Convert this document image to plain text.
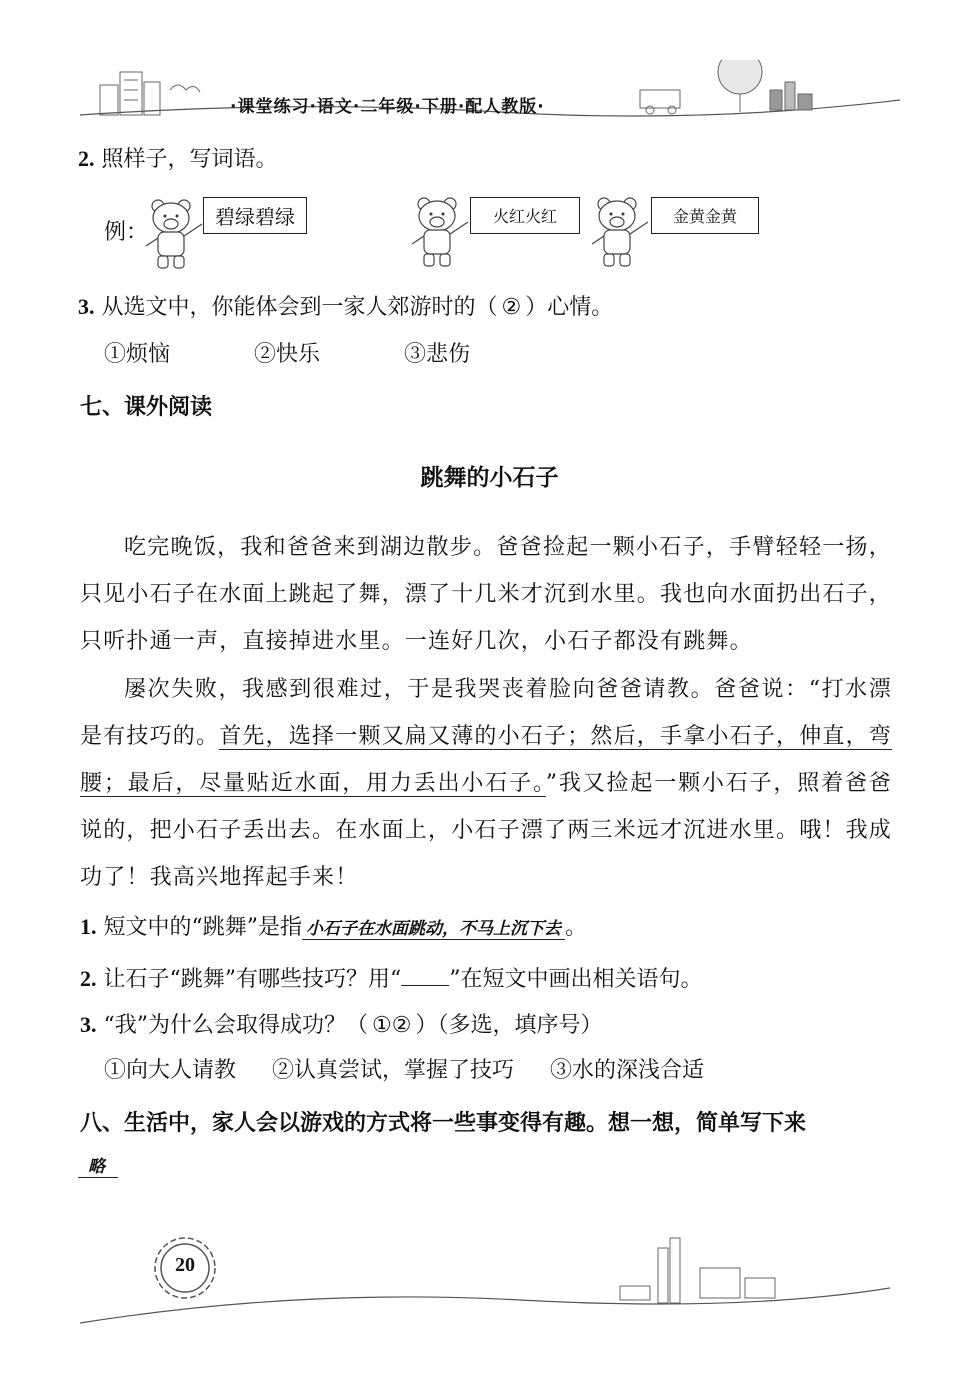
·课堂练习·语文·二年级·下册·配人教版·
2. 照样子，写词语。
例：
碧绿碧绿	火红火红	金黄金黄
3. 从选文中，你能体会到一家人郊游时的（ ② ）心情。
①烦恼	②快乐	③悲伤
七、课外阅读
跳舞的小石子

吃完晚饭，我和爸爸来到湖边散步。爸爸捡起一颗小石子，手臂轻轻一扬，只见小石子在水面上跳起了舞，漂了十几米才沉到水里。我也向水面扔出石子，只听扑通一声，直接掉进水里。一连好几次，小石子都没有跳舞。

屡次失败，我感到很难过，于是我哭丧着脸向爸爸请教。爸爸说：“打水漂是有技巧的。首先，选择一颗又扁又薄的小石子；然后，手拿小石子，伸直，弯腰；最后，尽量贴近水面，用力丢出小石子。”我又捡起一颗小石子，照着爸爸说的，把小石子丢出去。在水面上，小石子漂了两三米远才沉进水里。哦！我成功了！我高兴地挥起手来！

1. 短文中的“跳舞”是指 小石子在水面跳动，不马上沉下去 。
2. 让石子“跳舞”有哪些技巧？用“ ”在短文中画出相关语句。
3. “我”为什么会取得成功？（ ①② ）（多选，填序号）
①向大人请教 ②认真尝试，掌握了技巧 ③水的深浅合适
八、生活中，家人会以游戏的方式将一些事变得有趣。想一想，简单写下来
略
20
